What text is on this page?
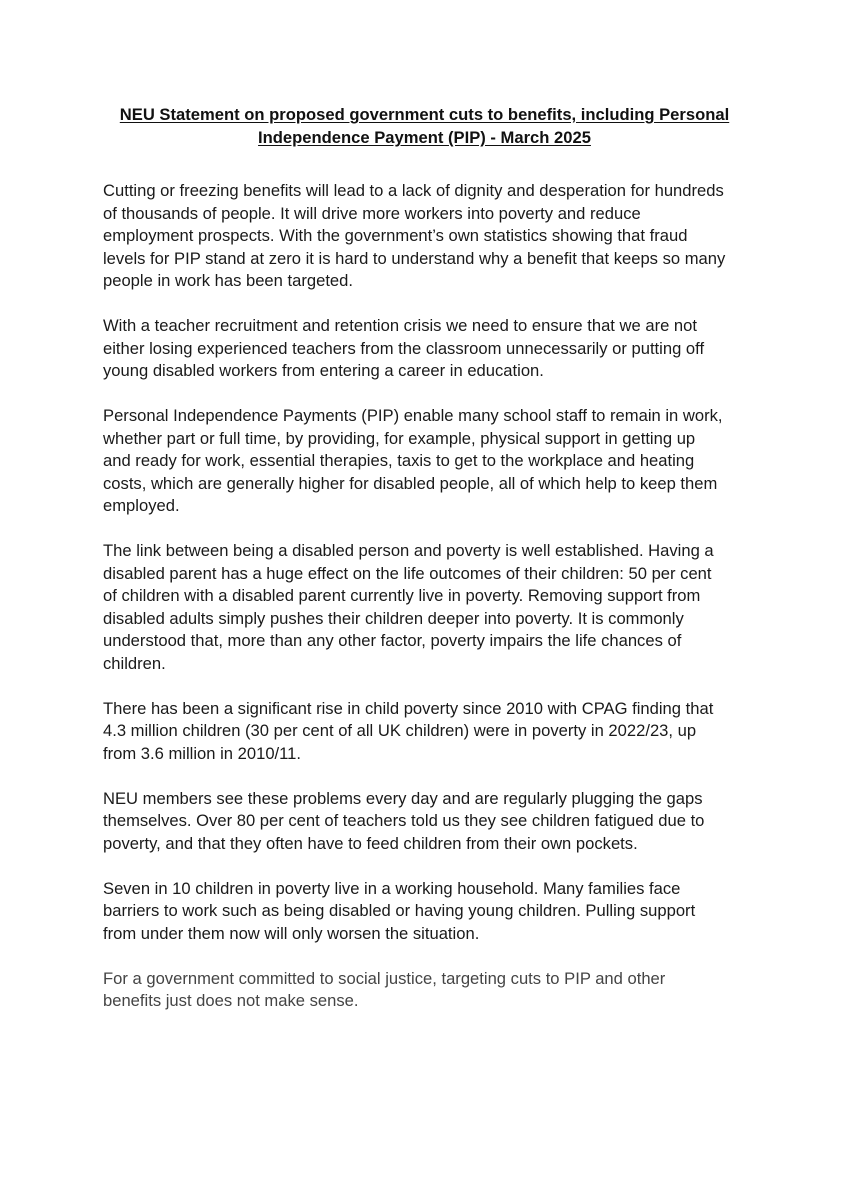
NEU Statement on proposed government cuts to benefits, including Personal
Independence Payment (PIP) - March 2025

Cutting or freezing benefits will lead to a lack of dignity and desperation for hundreds
of thousands of people. It will drive more workers into poverty and reduce
employment prospects. With the government’s own statistics showing that fraud
levels for PIP stand at zero it is hard to understand why a benefit that keeps so many
people in work has been targeted.

With a teacher recruitment and retention crisis we need to ensure that we are not
either losing experienced teachers from the classroom unnecessarily or putting off
young disabled workers from entering a career in education.

Personal Independence Payments (PIP) enable many school staff to remain in work,
whether part or full time, by providing, for example, physical support in getting up
and ready for work, essential therapies, taxis to get to the workplace and heating
costs, which are generally higher for disabled people, all of which help to keep them
employed.

The link between being a disabled person and poverty is well established. Having a
disabled parent has a huge effect on the life outcomes of their children: 50 per cent
of children with a disabled parent currently live in poverty. Removing support from
disabled adults simply pushes their children deeper into poverty. It is commonly
understood that, more than any other factor, poverty impairs the life chances of
children.

There has been a significant rise in child poverty since 2010 with CPAG finding that
4.3 million children (30 per cent of all UK children) were in poverty in 2022/23, up
from 3.6 million in 2010/11.

NEU members see these problems every day and are regularly plugging the gaps
themselves. Over 80 per cent of teachers told us they see children fatigued due to
poverty, and that they often have to feed children from their own pockets.

Seven in 10 children in poverty live in a working household. Many families face
barriers to work such as being disabled or having young children. Pulling support
from under them now will only worsen the situation.

For a government committed to social justice, targeting cuts to PIP and other
benefits just does not make sense.
